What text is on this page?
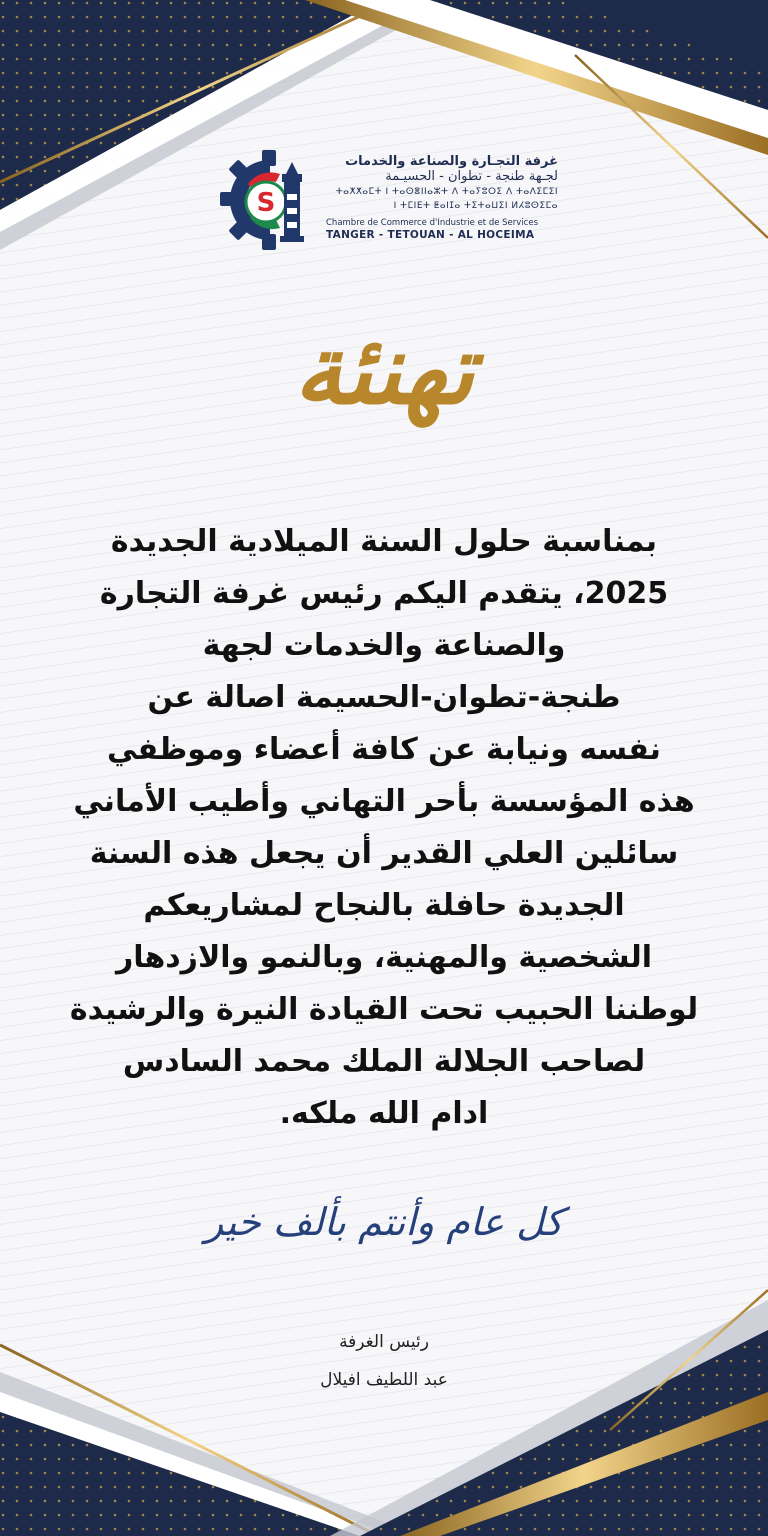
S
غرفة التجـارة والصناعة والخدمات
لجـهة طنجة - تطوان - الحسيـمة
ⵜⴰⵅⵅⴰⵎⵜ ⵏ ⵜⴰⵙⴻⵏⵏⴰⵣⵜ ⴷ ⵜⴰⵢⵓⵔⵉ ⴷ ⵜⴰⴷⵉⵎⵉⵏ
ⵏ ⵜⵎⵏⴹⵜ ⵟⴰⵏⵊⴰ ⵜⵉⵜⴰⵡⵉⵏ ⵍⵃⵓⵙⵉⵎⴰ
Chambre de Commerce d'Industrie et de Services
TANGER - TETOUAN - AL HOCEIMA
تهنئة
بمناسبة حلول السنة الميلادية الجديدة
2025، يتقدم اليكم رئيس غرفة التجارة
والصناعة والخدمات لجهة
طنجة-تطوان-الحسيمة اصالة عن
نفسه ونيابة عن كافة أعضاء وموظفي
هذه المؤسسة بأحر التهاني وأطيب الأماني
سائلين العلي القدير أن يجعل هذه السنة
الجديدة حافلة بالنجاح لمشاريعكم
الشخصية والمهنية، وبالنمو والازدهار
لوطننا الحبيب تحت القيادة النيرة والرشيدة
لصاحب الجلالة الملك محمد السادس
ادام الله ملكه.
كل عام وأنتم بألف خير
رئيس الغرفة
عبد اللطيف افيلال
